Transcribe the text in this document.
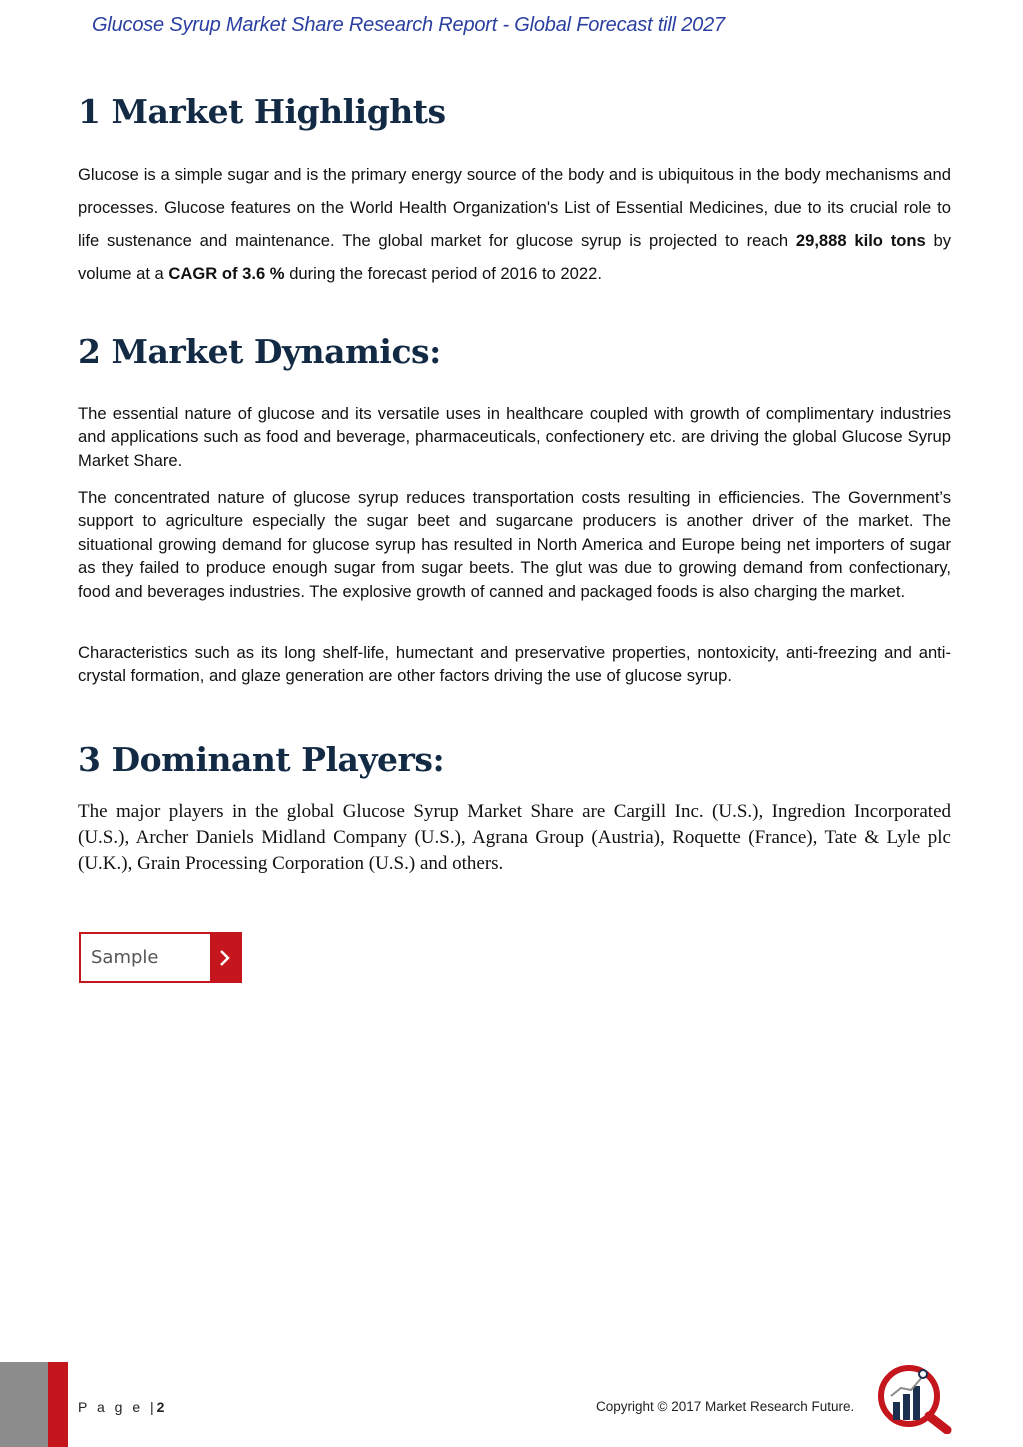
Glucose Syrup Market Share Research Report - Global Forecast till 2027
1 Market Highlights

Glucose is a simple sugar and is the primary energy source of the body and is ubiquitous in the body mechanisms and processes. Glucose features on the World Health Organization's List of Essential Medicines, due to its crucial role to life sustenance and maintenance. The global market for glucose syrup is projected to reach 29,888 kilo tons by volume at a CAGR of 3.6 % during the forecast period of 2016 to 2022.

2 Market Dynamics:

The essential nature of glucose and its versatile uses in healthcare coupled with growth of complimentary industries and applications such as food and beverage, pharmaceuticals, confectionery etc. are driving the global Glucose Syrup Market Share.

The concentrated nature of glucose syrup reduces transportation costs resulting in efficiencies. The Government’s support to agriculture especially the sugar beet and sugarcane producers is another driver of the market. The situational growing demand for glucose syrup has resulted in North America and Europe being net importers of sugar as they failed to produce enough sugar from sugar beets. The glut was due to growing demand from confectionary, food and beverages industries. The explosive growth of canned and packaged foods is also charging the market.

Characteristics such as its long shelf-life, humectant and preservative properties, nontoxicity, anti-freezing and anti-crystal formation, and glaze generation are other factors driving the use of glucose syrup.

3 Dominant Players:

The major players in the global Glucose Syrup Market Share are Cargill Inc. (U.S.), Ingredion Incorporated (U.S.), Archer Daniels Midland Company (U.S.), Agrana Group (Austria), Roquette (France), Tate & Lyle plc (U.K.), Grain Processing Corporation (U.S.) and others.

Sample
P a g e |2	Copyright © 2017 Market Research Future.
